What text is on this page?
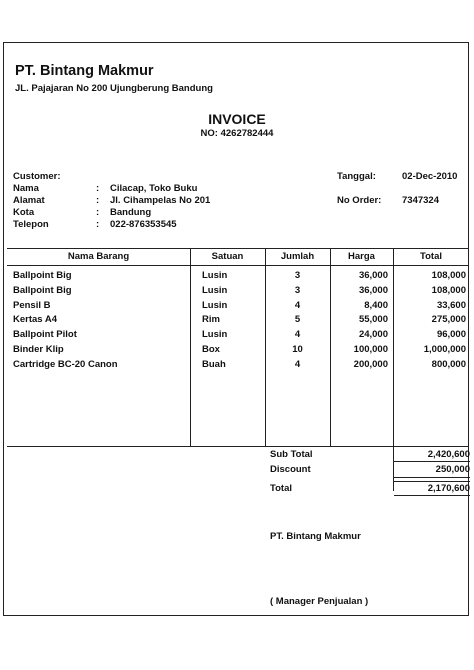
PT. Bintang Makmur
JL. Pajajaran No 200 Ujungberung Bandung
INVOICE
NO: 4262782444
Customer:
Nama	: Cilacap, Toko Buku
Alamat	: Jl. Cihampelas No 201
Kota	: Bandung
Telepon	: 022-876353545
Tanggal:	02-Dec-2010
No Order: 7347324
Nama Barang	Satuan	Jumlah	Harga	Total
Ballpoint Big	Lusin	3	36,000	108,000
Ballpoint Big	Lusin	3	36,000	108,000
Pensil B	Lusin	4	8,400	33,600
Kertas A4	Rim	5	55,000	275,000
Ballpoint Pilot	Lusin	4	24,000	96,000
Binder Klip	Box	10	100,000	1,000,000
Cartridge BC-20 Canon	Buah	4	200,000	800,000
Sub Total	2,420,600
Discount	250,000
Total	2,170,600
PT. Bintang Makmur
( Manager Penjualan )
